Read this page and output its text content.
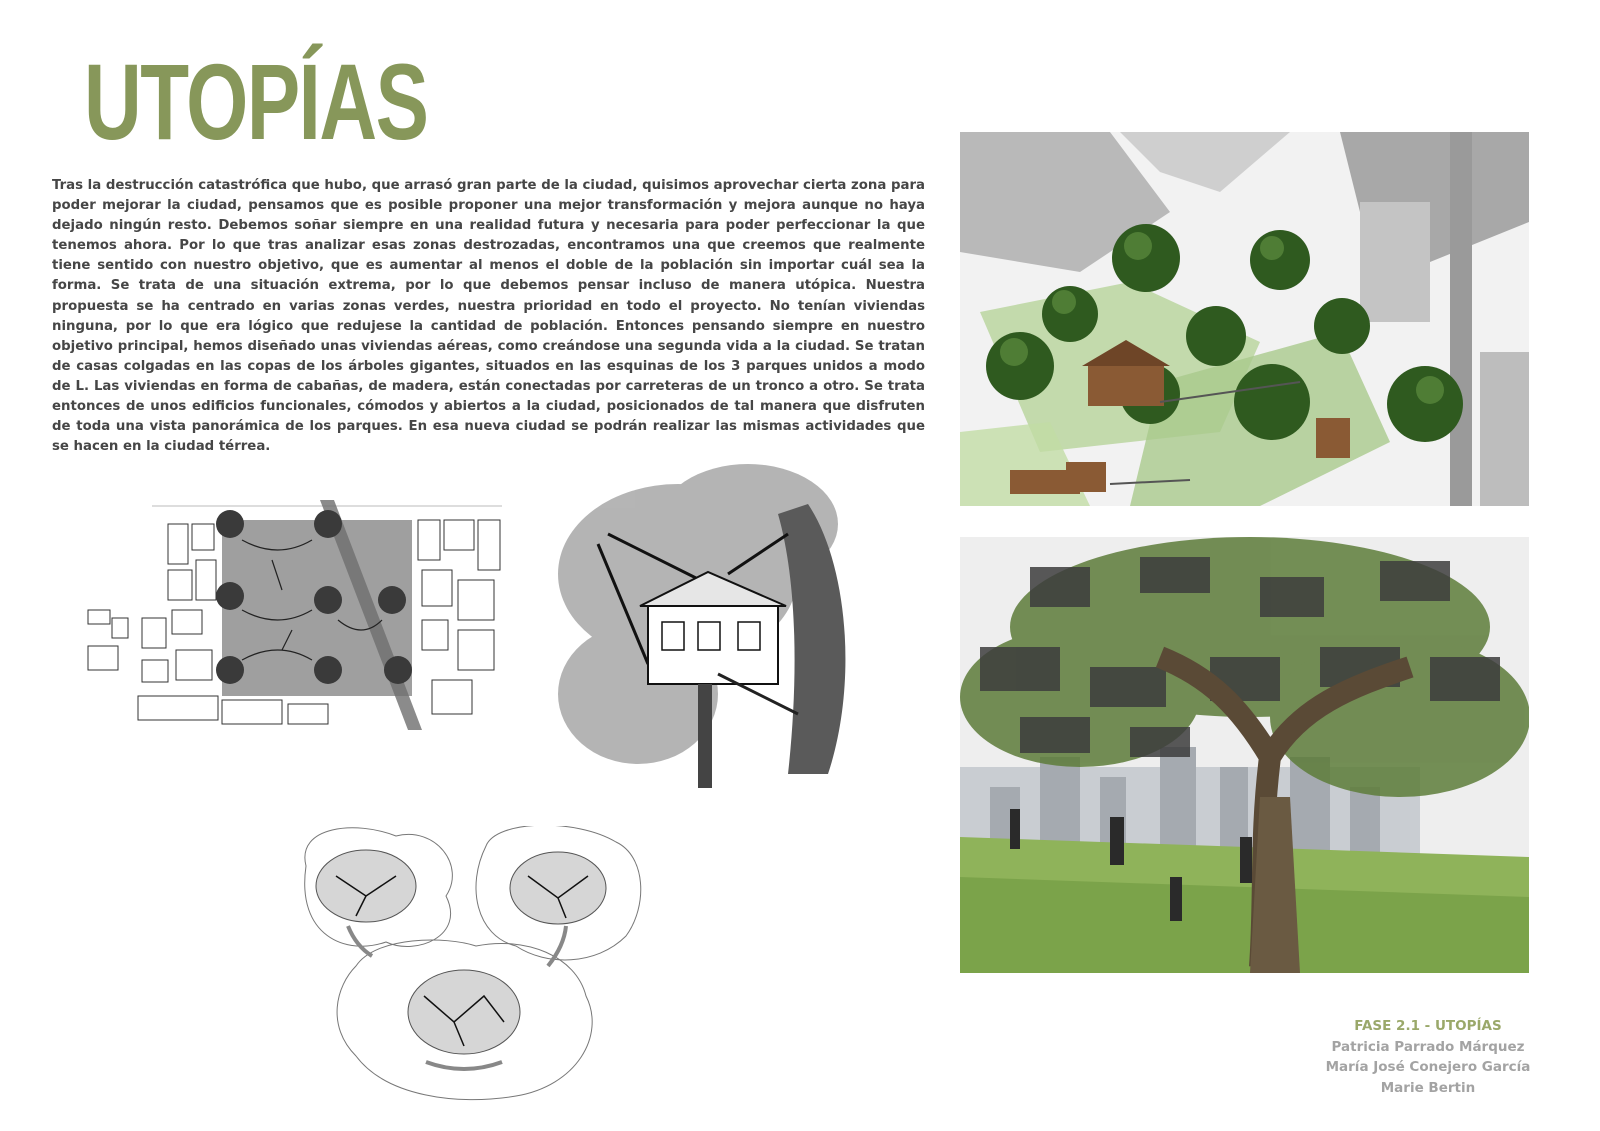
UTOPÍAS

Tras la destrucción catastrófica que hubo, que arrasó gran parte de la ciudad, quisimos aprovechar cierta zona para poder mejorar la ciudad, pensamos que es posible proponer una mejor transformación y mejora aunque no haya dejado ningún resto. Debemos soñar siempre en una realidad futura y necesaria para poder perfeccionar la que tenemos ahora. Por lo que tras analizar esas zonas destrozadas, encontramos una que creemos que realmente tiene sentido con nuestro objetivo, que es aumentar al menos el doble de la población sin importar cuál sea la forma. Se trata de una situación extrema, por lo que debemos pensar incluso de manera utópica. Nuestra propuesta se ha centrado en varias zonas verdes, nuestra prioridad en todo el proyecto. No tenían viviendas ninguna, por lo que era lógico que redujese la cantidad de población. Entonces pensando siempre en nuestro objetivo principal, hemos diseñado unas viviendas aéreas, como creándose una segunda vida a la ciudad. Se tratan de casas colgadas en las copas de los árboles gigantes, situados en las esquinas de los 3 parques unidos a modo de L. Las viviendas en forma de cabañas, de madera, están conectadas por carreteras de un tronco a otro. Se trata entonces de unos edificios funcionales, cómodos y abiertos a la ciudad, posicionados de tal manera que disfruten de toda una vista panorámica de los parques. En esa nueva ciudad se podrán realizar las mismas actividades que se hacen en la ciudad térrea.

FASE 2.1 - UTOPÍAS
Patricia Parrado Márquez
María José Conejero García
Marie Bertin
